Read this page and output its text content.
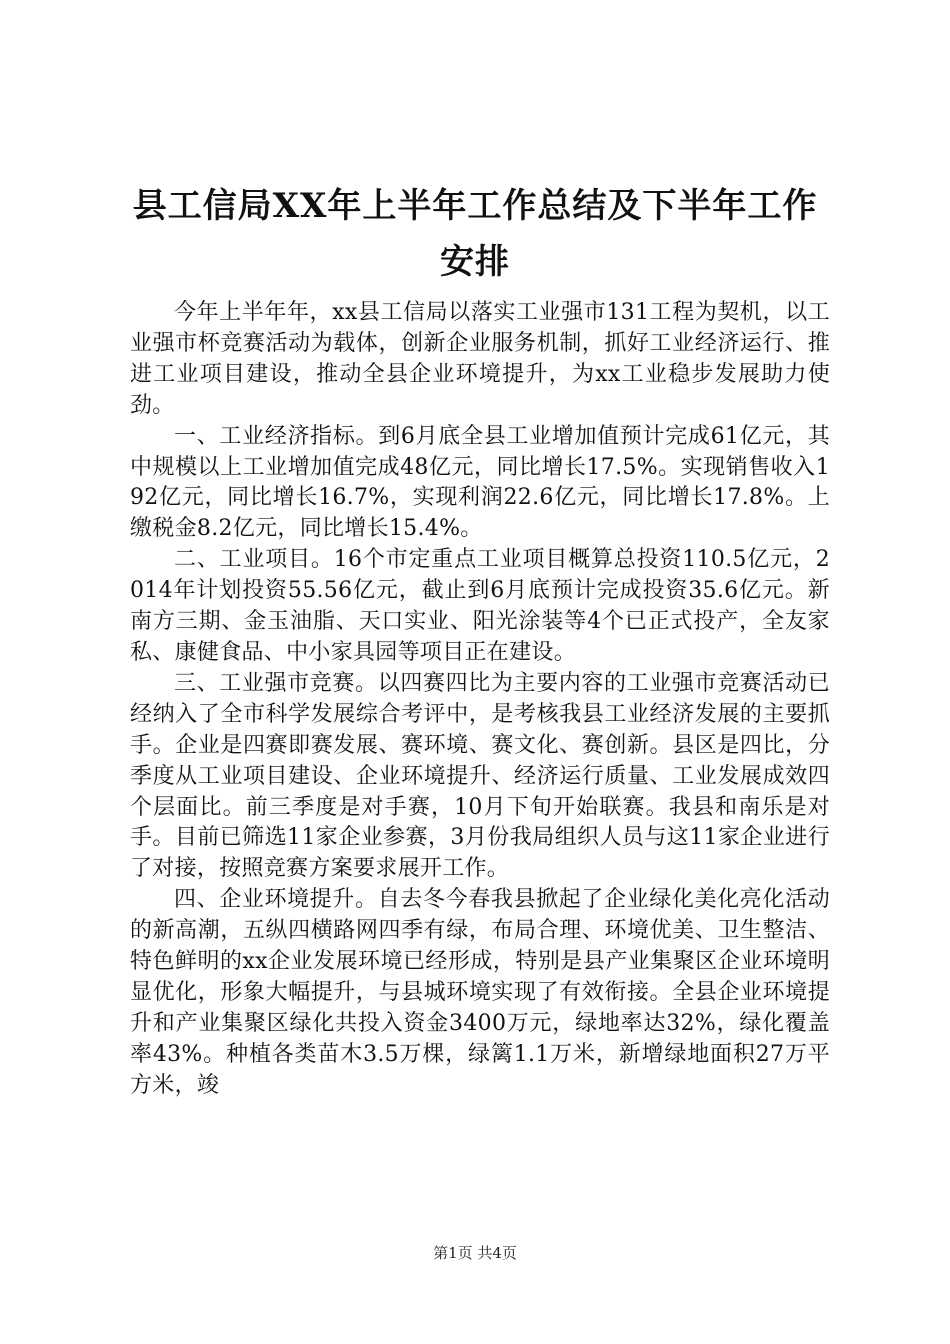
县工信局XX年上半年工作总结及下半年工作安排

今年上半年年，xx县工信局以落实工业强市131工程为契机，以工业强市杯竞赛活动为载体，创新企业服务机制，抓好工业经济运行、推进工业项目建设，推动全县企业环境提升，为xx工业稳步发展助力使劲。

一、工业经济指标。到6月底全县工业增加值预计完成61亿元，其中规模以上工业增加值完成48亿元，同比增长17.5%。实现销售收入192亿元，同比增长16.7%，实现利润22.6亿元，同比增长17.8%。上缴税金8.2亿元，同比增长15.4%。

二、工业项目。16个市定重点工业项目概算总投资110.5亿元，2014年计划投资55.56亿元，截止到6月底预计完成投资35.6亿元。新南方三期、金玉油脂、天口实业、阳光涂装等4个已正式投产，全友家私、康健食品、中小家具园等项目正在建设。

三、工业强市竞赛。以四赛四比为主要内容的工业强市竞赛活动已经纳入了全市科学发展综合考评中，是考核我县工业经济发展的主要抓手。企业是四赛即赛发展、赛环境、赛文化、赛创新。县区是四比，分季度从工业项目建设、企业环境提升、经济运行质量、工业发展成效四个层面比。前三季度是对手赛，10月下旬开始联赛。我县和南乐是对手。目前已筛选11家企业参赛，3月份我局组织人员与这11家企业进行了对接，按照竞赛方案要求展开工作。

四、企业环境提升。自去冬今春我县掀起了企业绿化美化亮化活动的新高潮，五纵四横路网四季有绿，布局合理、环境优美、卫生整洁、特色鲜明的xx企业发展环境已经形成，特别是县产业集聚区企业环境明显优化，形象大幅提升，与县城环境实现了有效衔接。全县企业环境提升和产业集聚区绿化共投入资金3400万元，绿地率达32%，绿化覆盖率43%。种植各类苗木3.5万棵，绿篱1.1万米，新增绿地面积27万平方米，竣

第1页 共4页
